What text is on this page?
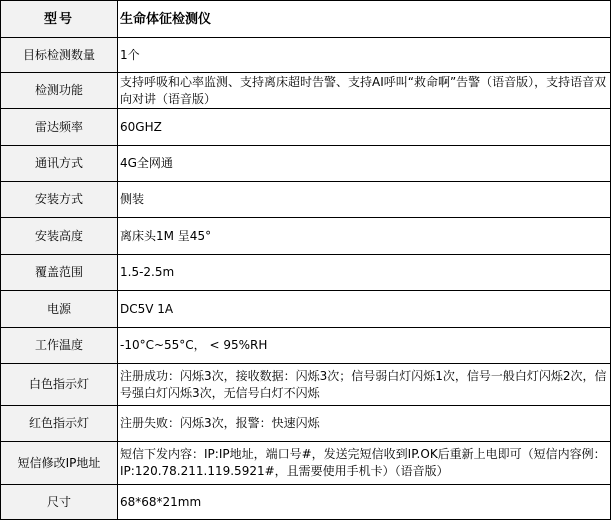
型号	生命体征检测仪
目标检测数量	1个
检测功能	支持呼吸和心率监测、支持离床超时告警、支持AI呼叫“救命啊”告警（语音版），支持语音双向对讲（语音版）
雷达频率	60GHZ
通讯方式	4G全网通
安装方式	侧装
安装高度	离床头1M 呈45°
覆盖范围	1.5-2.5m
电源	DC5V 1A
工作温度	-10°C~55°C， < 95%RH
白色指示灯	注册成功：闪烁3次，接收数据：闪烁3次；信号弱白灯闪烁1次，信号一般白灯闪烁2次，信号强白灯闪烁3次，无信号白灯不闪烁
红色指示灯	注册失败：闪烁3次，报警：快速闪烁
短信修改IP地址	短信下发内容：IP:IP地址，端口号#，发送完短信收到IP.OK后重新上电即可（短信内容例：IP:120.78.211.119.5921#，且需要使用手机卡）（语音版）
尺寸	68*68*21mm
